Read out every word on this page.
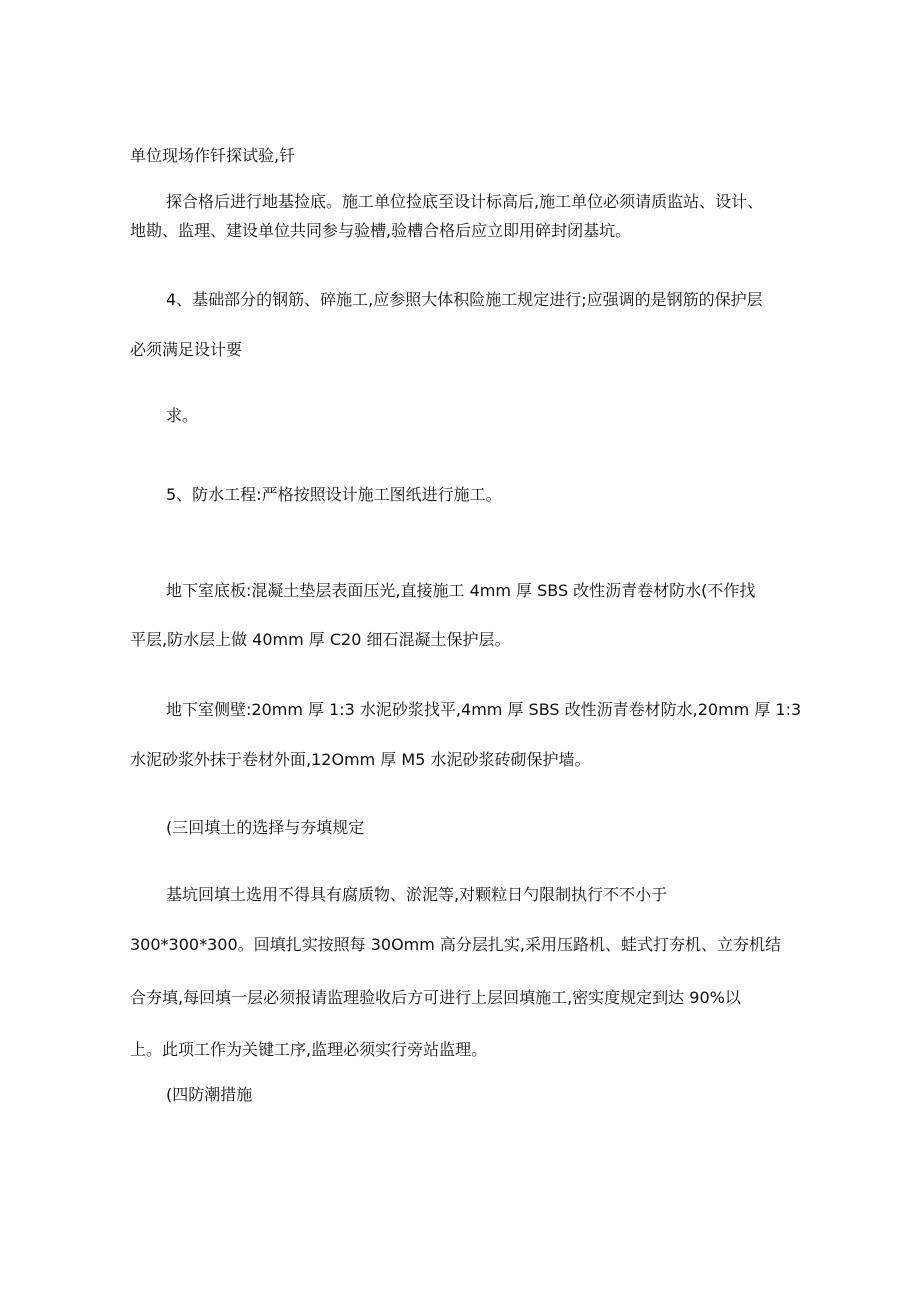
单位现场作钎探试验,钎
探合格后进行地基捡底。施工单位捡底至设计标高后,施工单位必须请质监站、设计、
地勘、监理、建设单位共同参与验槽,验槽合格后应立即用碎封闭基坑。
4、基础部分的钢筋、碎施工,应参照大体积险施工规定进行;应强调的是钢筋的保护层
必须满足设计要
求。
5、防水工程:严格按照设计施工图纸进行施工。
地下室底板:混凝土垫层表面压光,直接施工 4mm 厚 SBS 改性沥青卷材防水(不作找
平层,防水层上做 40mm 厚 C20 细石混凝土保护层。
地下室侧壁:20mm 厚 1:3 水泥砂浆找平,4mm 厚 SBS 改性沥青卷材防水,20mm 厚 1:3
水泥砂浆外抹于卷材外面,12Omm 厚 M5 水泥砂浆砖砌保护墙。
(三回填土的选择与夯填规定
基坑回填土选用不得具有腐质物、淤泥等,对颗粒日勺限制执行不不小于
300*300*300。回填扎实按照每 30Omm 高分层扎实,采用压路机、蛙式打夯机、立夯机结
合夯填,每回填一层必须报请监理验收后方可进行上层回填施工,密实度规定到达 90%以
上。此项工作为关键工序,监理必须实行旁站监理。
(四防潮措施
